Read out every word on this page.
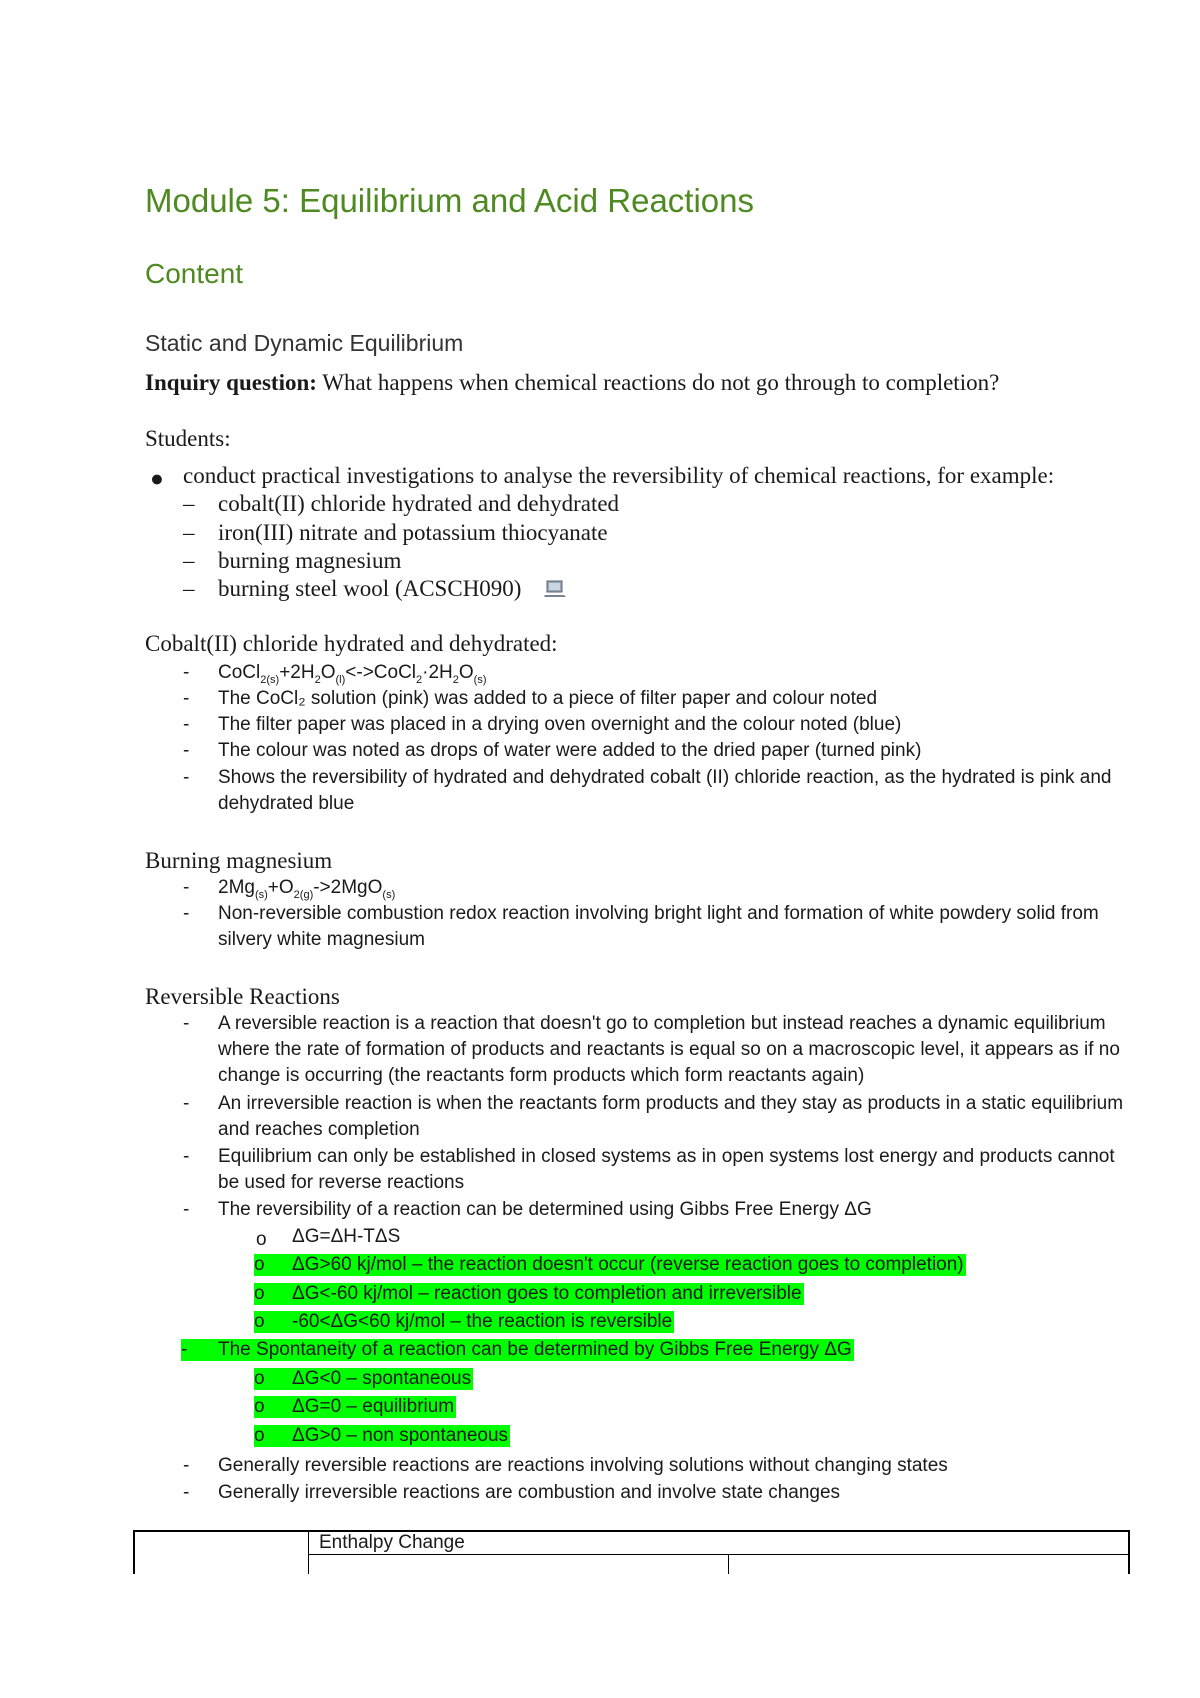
Module 5: Equilibrium and Acid Reactions
Content
Static and Dynamic Equilibrium
Inquiry question: What happens when chemical reactions do not go through to completion?
Students:
● conduct practical investigations to analyse the reversibility of chemical reactions, for example:
– cobalt(II) chloride hydrated and dehydrated
– iron(III) nitrate and potassium thiocyanate
– burning magnesium
– burning steel wool (ACSCH090)
Cobalt(II) chloride hydrated and dehydrated:
- $CoCl_{2(s)}+2H_2O_{(l)}<->CoCl_2\cdot 2H_2O_{(s)}$
- The CoCl₂ solution (pink) was added to a piece of filter paper and colour noted
- The filter paper was placed in a drying oven overnight and the colour noted (blue)
- The colour was noted as drops of water were added to the dried paper (turned pink)
- Shows the reversibility of hydrated and dehydrated cobalt (II) chloride reaction, as the hydrated is pink and dehydrated blue
Burning magnesium
- $2Mg_{(s)}+O_{2(g)}->2MgO_{(s)}$
- Non-reversible combustion redox reaction involving bright light and formation of white powdery solid from silvery white magnesium
Reversible Reactions
- A reversible reaction is a reaction that doesn't go to completion but instead reaches a dynamic equilibrium where the rate of formation of products and reactants is equal so on a macroscopic level, it appears as if no change is occurring (the reactants form products which form reactants again)
- An irreversible reaction is when the reactants form products and they stay as products in a static equilibrium and reaches completion
- Equilibrium can only be established in closed systems as in open systems lost energy and products cannot be used for reverse reactions
- The reversibility of a reaction can be determined using Gibbs Free Energy ΔG
o ΔG=ΔH-TΔS
o ΔG>60 kj/mol – the reaction doesn't occur (reverse reaction goes to completion)
o ΔG<-60 kj/mol – reaction goes to completion and irreversible
o -60<ΔG<60 kj/mol – the reaction is reversible
- The Spontaneity of a reaction can be determined by Gibbs Free Energy ΔG
o ΔG<0 – spontaneous
o ΔG=0 – equilibrium
o ΔG>0 – non spontaneous
- Generally reversible reactions are reactions involving solutions without changing states
- Generally irreversible reactions are combustion and involve state changes
Enthalpy Change
